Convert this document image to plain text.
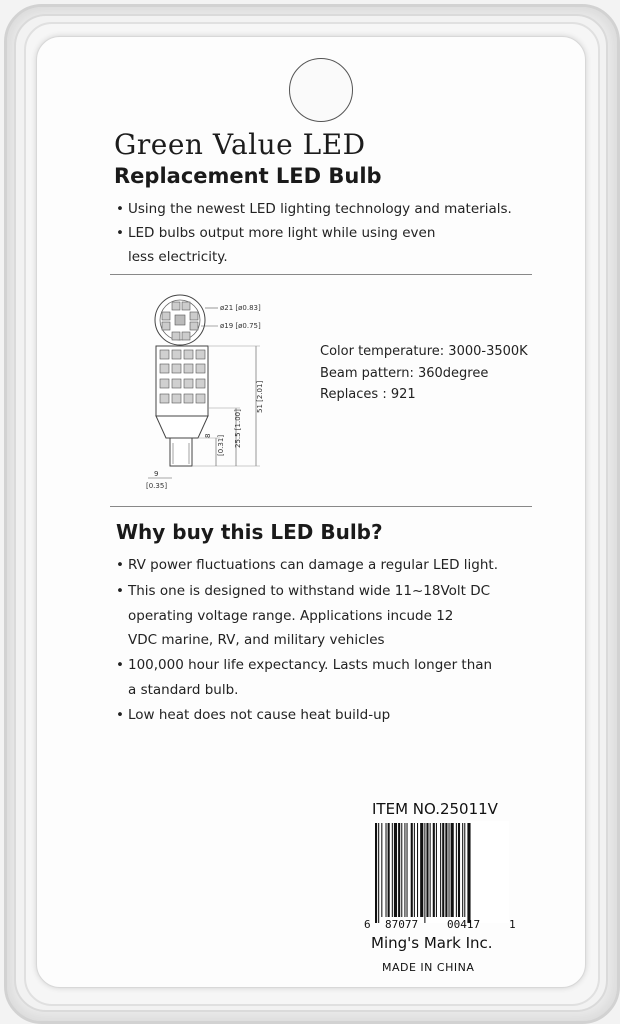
Green Value LED
Replacement LED Bulb
• Using the newest LED lighting technology and materials.
• LED bulbs output more light while using even
less electricity.
ø21 [ø0.83]
ø19 [ø0.75]
51 [2.01]
25.5 [1.00]
8 [0.31]
9
[0.35]
Color temperature: 3000-3500K
Beam pattern: 360degree
Replaces : 921
Why buy this LED Bulb?
• RV power fluctuations can damage a regular LED light.
• This one is designed to withstand wide 11~18Volt DC
operating voltage range. Applications incude 12
VDC marine, RV, and military vehicles
• 100,000 hour life expectancy. Lasts much longer than
a standard bulb.
• Low heat does not cause heat build-up
ITEM NO.25011V
6 87077	00417	1
Ming's Mark Inc.
MADE IN CHINA
